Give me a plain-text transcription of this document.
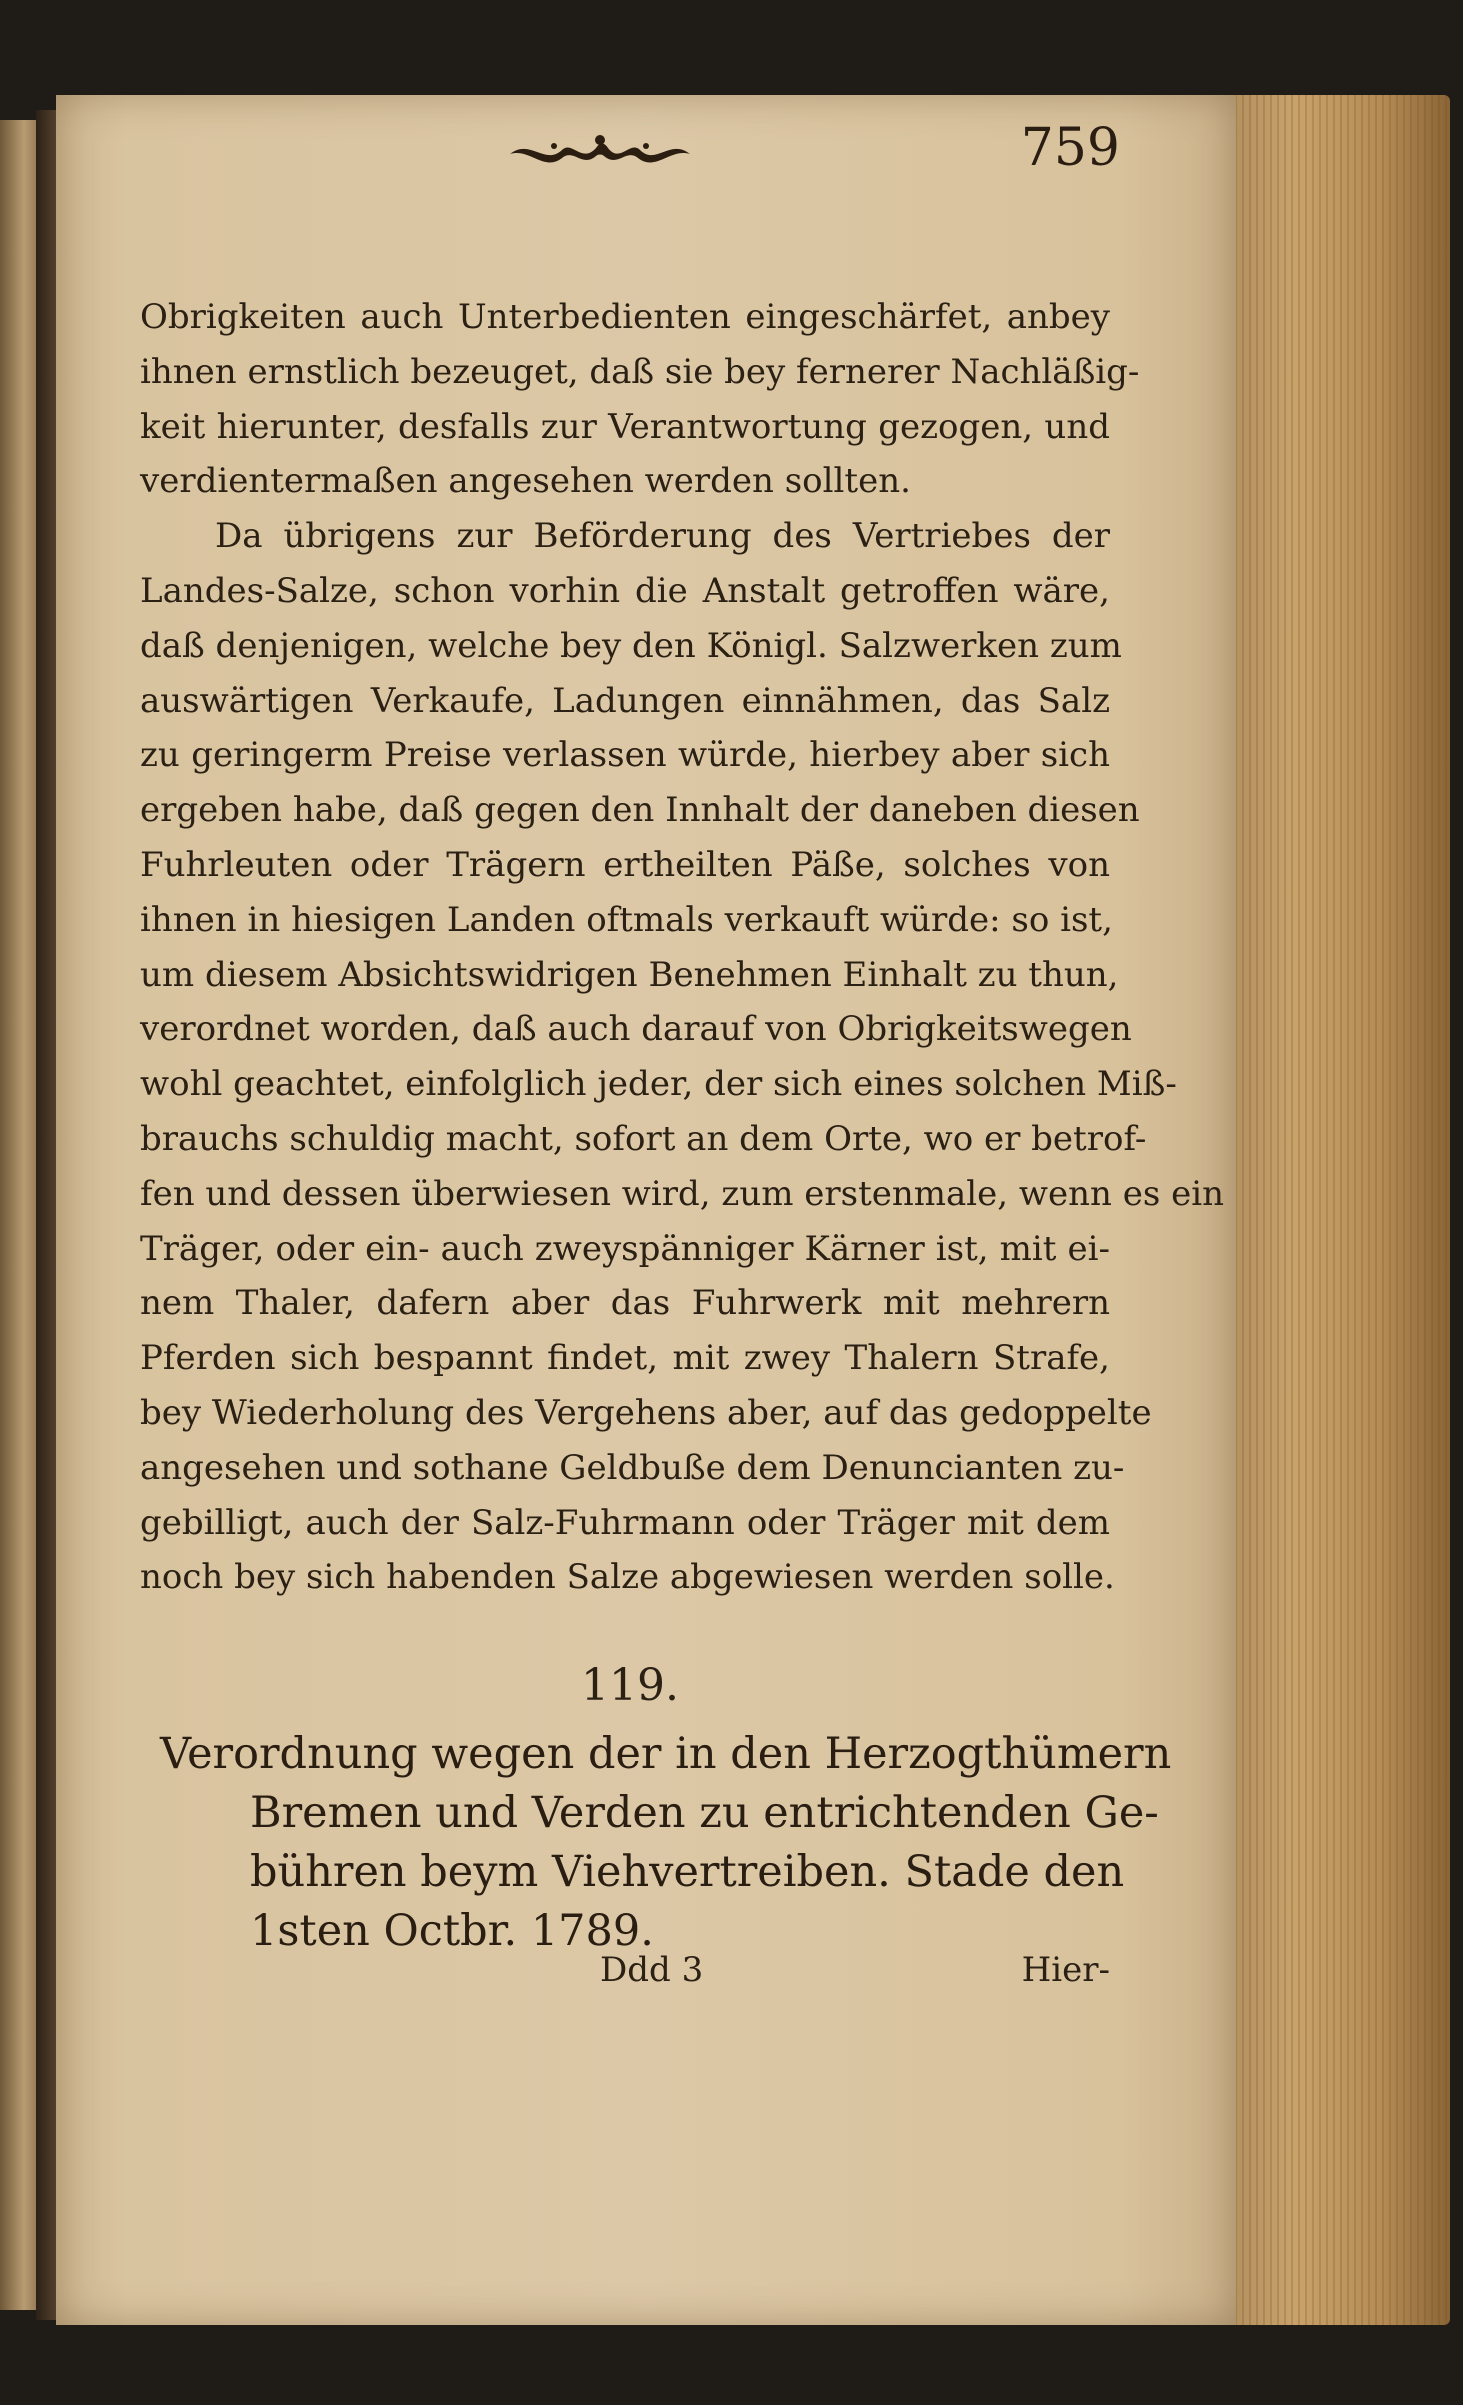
759
Obrigkeiten auch Unterbedienten eingeschärfet, anbey
ihnen ernstlich bezeuget, daß sie bey fernerer Nachläßig-
keit hierunter, desfalls zur Verantwortung gezogen, und
verdientermaßen angesehen werden sollten.
Da übrigens zur Beförderung des Vertriebes der
Landes-Salze, schon vorhin die Anstalt getroffen wäre,
daß denjenigen, welche bey den Königl. Salzwerken zum
auswärtigen Verkaufe, Ladungen einnähmen, das Salz
zu geringerm Preise verlassen würde, hierbey aber sich
ergeben habe, daß gegen den Innhalt der daneben diesen
Fuhrleuten oder Trägern ertheilten Päße, solches von
ihnen in hiesigen Landen oftmals verkauft würde: so ist,
um diesem Absichtswidrigen Benehmen Einhalt zu thun,
verordnet worden, daß auch darauf von Obrigkeitswegen
wohl geachtet, einfolglich jeder, der sich eines solchen Miß-
brauchs schuldig macht, sofort an dem Orte, wo er betrof-
fen und dessen überwiesen wird, zum erstenmale, wenn es ein
Träger, oder ein- auch zweyspänniger Kärner ist, mit ei-
nem Thaler, dafern aber das Fuhrwerk mit mehrern
Pferden sich bespannt findet, mit zwey Thalern Strafe,
bey Wiederholung des Vergehens aber, auf das gedoppelte
angesehen und sothane Geldbuße dem Denuncianten zu-
gebilligt, auch der Salz-Fuhrmann oder Träger mit dem
noch bey sich habenden Salze abgewiesen werden solle.
119.
Verordnung wegen der in den Herzogthümern
Bremen und Verden zu entrichtenden Ge-
bühren beym Viehvertreiben. Stade den
1sten Octbr. 1789.
Ddd 3	Hier-
